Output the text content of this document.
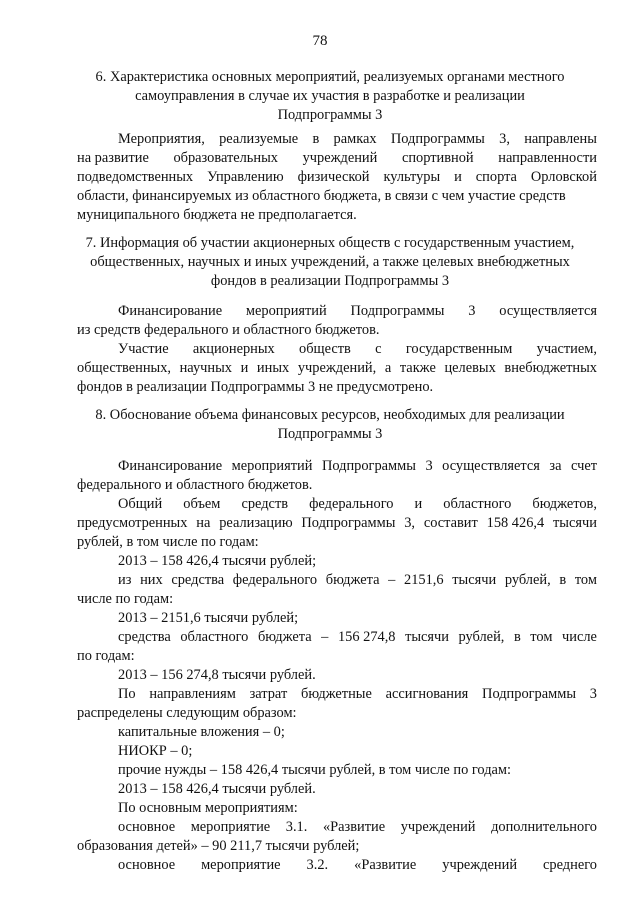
78
6. Характеристика основных мероприятий, реализуемых органами местного
самоуправления в случае их участия в разработке и реализации
Подпрограммы 3
Мероприятия, реализуемые в рамках Подпрограммы 3, направлены
на развитие образовательных учреждений спортивной направленности
подведомственных Управлению физической культуры и спорта Орловской
области, финансируемых из областного бюджета, в связи с чем участие средств
муниципального бюджета не предполагается.
7. Информация об участии акционерных обществ с государственным участием,
общественных, научных и иных учреждений, а также целевых внебюджетных
фондов в реализации Подпрограммы 3
Финансирование мероприятий Подпрограммы 3 осуществляется
из средств федерального и областного бюджетов.
Участие акционерных обществ с государственным участием,
общественных, научных и иных учреждений, а также целевых внебюджетных
фондов в реализации Подпрограммы 3 не предусмотрено.
8. Обоснование объема финансовых ресурсов, необходимых для реализации
Подпрограммы 3
Финансирование мероприятий Подпрограммы 3 осуществляется за счет
федерального и областного бюджетов.
Общий объем средств федерального и областного бюджетов,
предусмотренных на реализацию Подпрограммы 3, составит 158 426,4 тысячи
рублей, в том числе по годам:
2013 – 158 426,4 тысячи рублей;
из них средства федерального бюджета – 2151,6 тысячи рублей, в том
числе по годам:
2013 – 2151,6 тысячи рублей;
средства областного бюджета – 156 274,8 тысячи рублей, в том числе
по годам:
2013 – 156 274,8 тысячи рублей.
По направлениям затрат бюджетные ассигнования Подпрограммы 3
распределены следующим образом:
капитальные вложения – 0;
НИОКР – 0;
прочие нужды – 158 426,4 тысячи рублей, в том числе по годам:
2013 – 158 426,4 тысячи рублей.
По основным мероприятиям:
основное мероприятие 3.1. «Развитие учреждений дополнительного
образования детей» – 90 211,7 тысячи рублей;
основное мероприятие 3.2. «Развитие учреждений среднего
